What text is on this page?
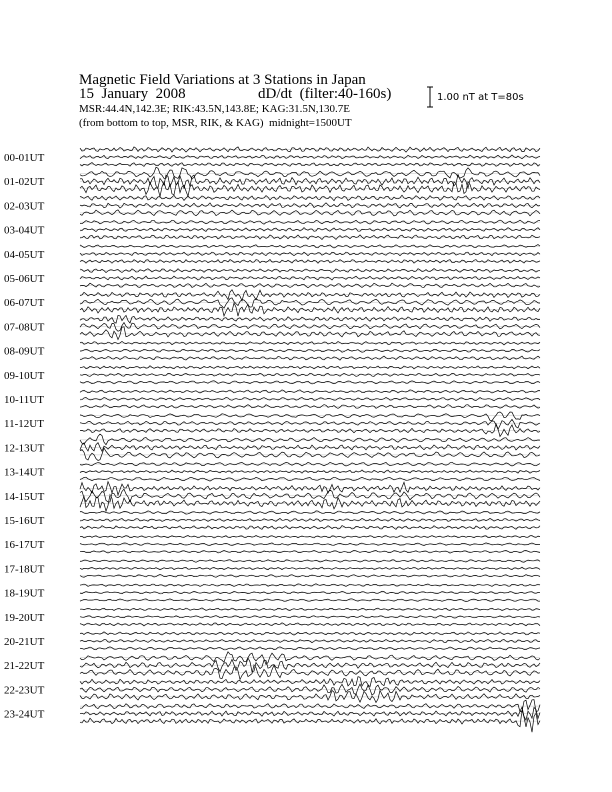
Magnetic Field Variations at 3 Stations in Japan
15  January  2008	dD/dt  (filter:40-160s)
MSR:44.4N,142.3E; RIK:43.5N,143.8E; KAG:31.5N,130.7E
(from bottom to top, MSR, RIK, & KAG)  midnight=1500UT
1.00 nT at T=80s
00-01UT
01-02UT
02-03UT
03-04UT
04-05UT
05-06UT
06-07UT
07-08UT
08-09UT
09-10UT
10-11UT
11-12UT
12-13UT
13-14UT
14-15UT
15-16UT
16-17UT
17-18UT
18-19UT
19-20UT
20-21UT
21-22UT
22-23UT
23-24UT
